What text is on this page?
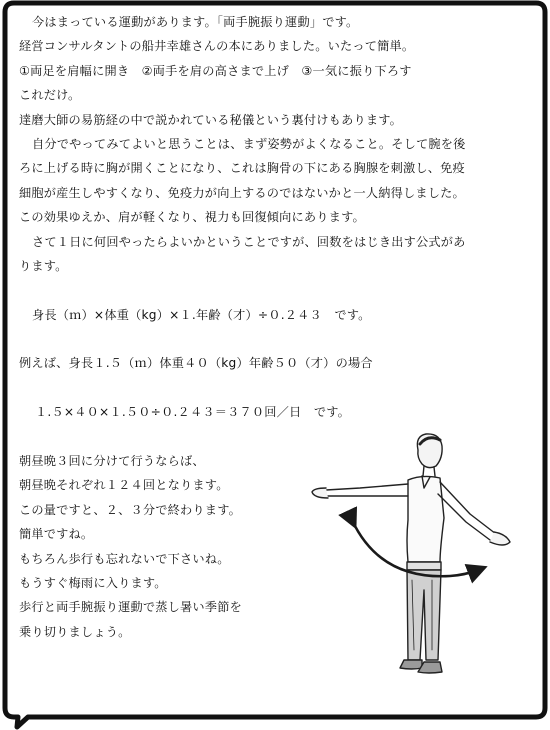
今はまっている運動があります。「両手腕振り運動」です。
経営コンサルタントの船井幸雄さんの本にありました。いたって簡単。
①両足を肩幅に開き　②両手を肩の高さまで上げ　③一気に振り下ろす
これだけ。
達磨大師の易筋経の中で説かれている秘儀という裏付けもあります。
自分でやってみてよいと思うことは、まず姿勢がよくなること。そして腕を後
ろに上げる時に胸が開くことになり、これは胸骨の下にある胸腺を刺激し、免疫
細胞が産生しやすくなり、免疫力が向上するのではないかと一人納得しました。
この効果ゆえか、肩が軽くなり、視力も回復傾向にあります。
さて１日に何回やったらよいかということですが、回数をはじき出す公式があ
ります。
身長（ｍ）×体重（kg）×１.年齢（才）÷０.２４３　です。
例えば、身長１.５（ｍ）体重４０（kg）年齢５０（才）の場合
１.５×４０×１.５０÷０.２４３＝３７０回／日　です。
朝昼晩３回に分けて行うならば、
朝昼晩それぞれ１２４回となります。
この量ですと、２、３分で終わります。
簡単ですね。
もちろん歩行も忘れないで下さいね。
もうすぐ梅雨に入ります。
歩行と両手腕振り運動で蒸し暑い季節を
乗り切りましょう。
